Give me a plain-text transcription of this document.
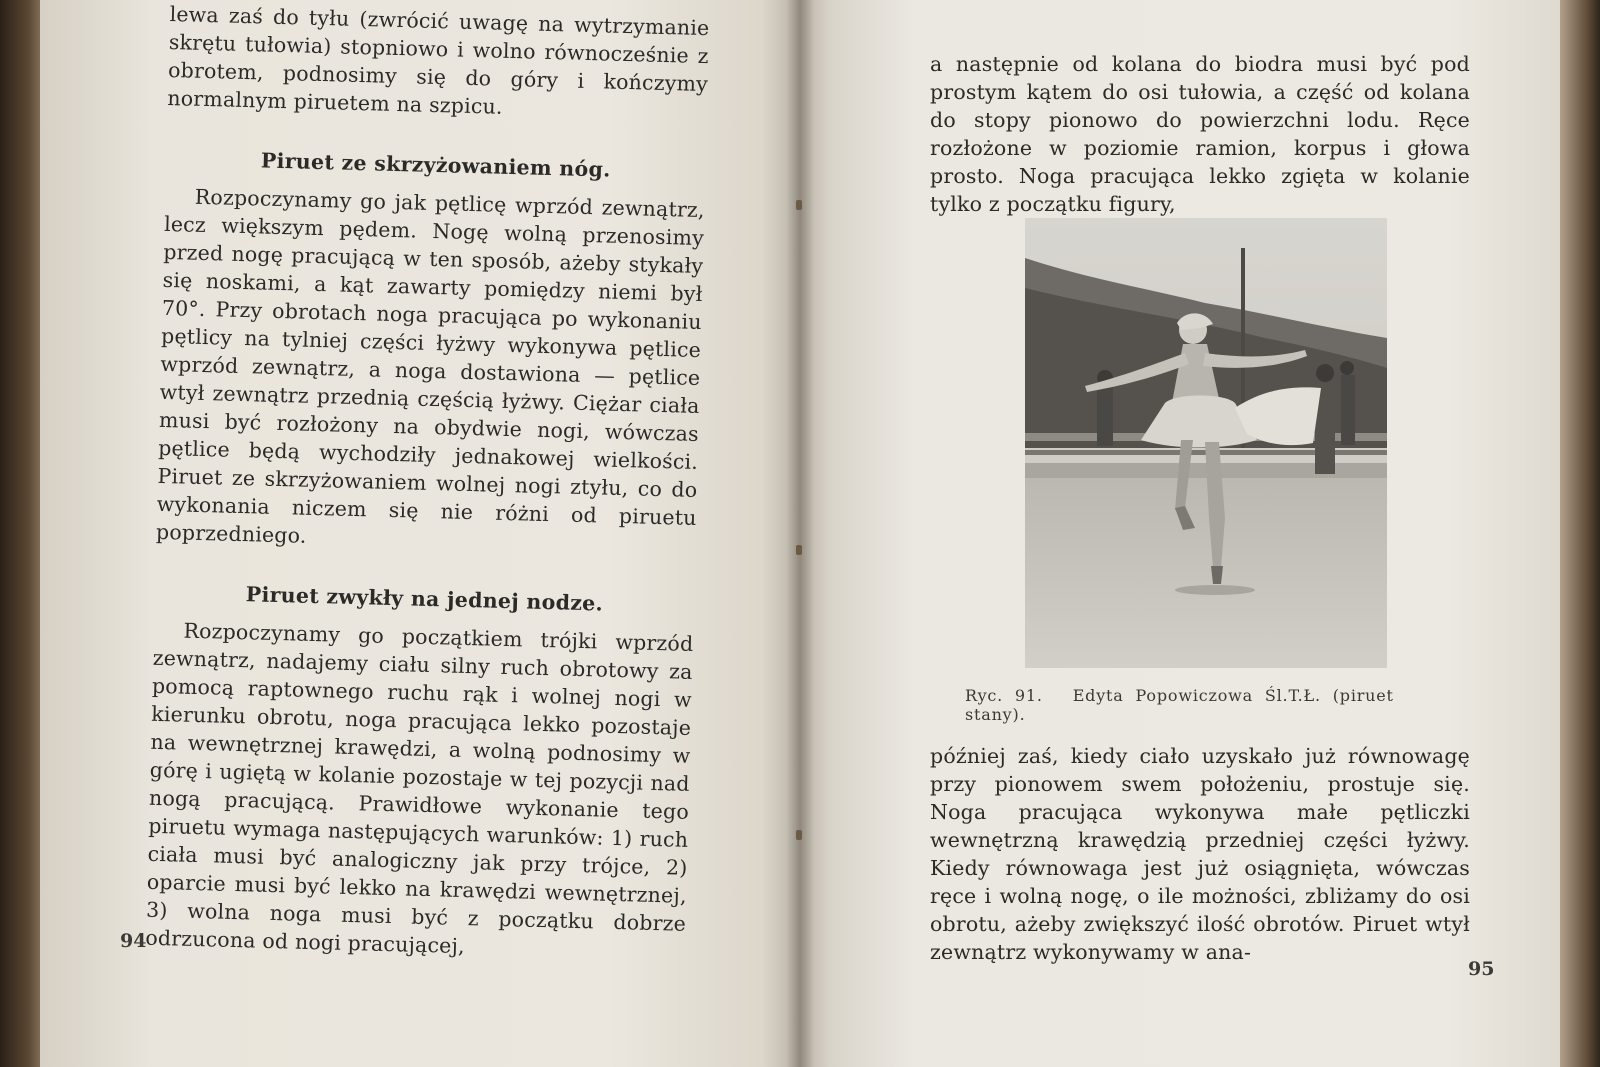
lewa zaś do tyłu (zwrócić uwagę na wytrzymanie skrętu tułowia) stopniowo i wolno równocześnie z obrotem, podnosimy się do góry i kończymy normalnym piruetem na szpicu.

Piruet ze skrzyżowaniem nóg.

Rozpoczynamy go jak pętlicę wprzód zewnątrz, lecz większym pędem. Nogę wolną przenosimy przed nogę pracującą w ten sposób, ażeby stykały się noskami, a kąt zawarty pomiędzy niemi był 70°. Przy obrotach noga pracująca po wykonaniu pętlicy na tylniej części łyżwy wykonywa pętlice wprzód zewnątrz, a noga dostawiona — pętlice wtył zewnątrz przednią częścią łyżwy. Ciężar ciała musi być rozłożony na obydwie nogi, wówczas pętlice będą wychodziły jednakowej wielkości. Piruet ze skrzyżowaniem wolnej nogi ztyłu, co do wykonania niczem się nie różni od piruetu poprzedniego.

Piruet zwykły na jednej nodze.

Rozpoczynamy go początkiem trójki wprzód zewnątrz, nadajemy ciału silny ruch obrotowy za pomocą raptownego ruchu rąk i wolnej nogi w kierunku obrotu, noga pracująca lekko pozostaje na wewnętrznej krawędzi, a wolną podnosimy w górę i ugiętą w kolanie pozostaje w tej pozycji nad nogą pracującą. Prawidłowe wykonanie tego piruetu wymaga następujących warunków: 1) ruch ciała musi być analogiczny jak przy trójce, 2) oparcie musi być lekko na krawędzi wewnętrznej, 3) wolna noga musi być z początku dobrze odrzucona od nogi pracującej,

94

a następnie od kolana do biodra musi być pod prostym kątem do osi tułowia, a część od kolana do stopy pionowo do powierzchni lodu. Ręce rozłożone w poziomie ramion, korpus i głowa prosto. Noga pracująca lekko zgięta w kolanie tylko z początku figury,

Ryc. 91. Edyta Popowiczowa Śl.T.Ł. (piruet stany).

później zaś, kiedy ciało uzyskało już równowagę przy pionowem swem położeniu, prostuje się. Noga pracująca wykonywa małe pętliczki wewnętrzną krawędzią przedniej części łyżwy. Kiedy równowaga jest już osiągnięta, wówczas ręce i wolną nogę, o ile możności, zbliżamy do osi obrotu, ażeby zwiększyć ilość obrotów. Piruet wtył zewnątrz wykonywamy w ana-

95
